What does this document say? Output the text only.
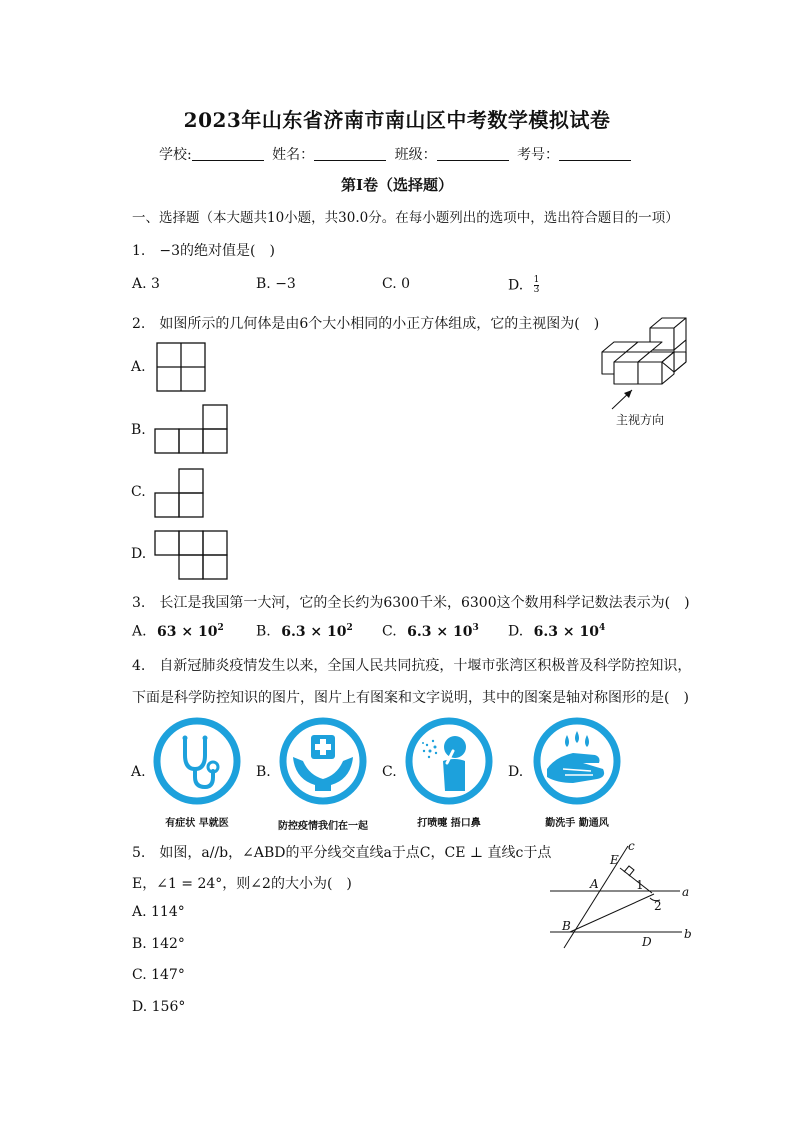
2023年山东省济南市南山区中考数学模拟试卷
学校:	姓名：	班级：	考号：
第I卷（选择题）
一、选择题（本大题共10小题，共30.0分。在每小题列出的选项中，选出符合题目的一项）
1.　−3的绝对值是(　)
A. 3	B. −3	C. 0	D. $\frac{1}{3}$
2.　如图所示的几何体是由6个大小相同的小正方体组成，它的主视图为(　)
A.
B.
C.
D.
主视方向
3.　长江是我国第一大河，它的全长约为6300千米，6300这个数用科学记数法表示为(　)
A. $63 \times 10^2$ B. $6.3 \times 10^2$ C. $6.3 \times 10^3$ D. $6.3 \times 10^4$
4.　自新冠肺炎疫情发生以来，全国人民共同抗疫，十堰市张湾区积极普及科学防控知识，
下面是科学防控知识的图片，图片上有图案和文字说明，其中的图案是轴对称图形的是(　)
A.	B.	C.	D.
有症状 早就医	防控疫情我们在一起	打喷嚏 捂口鼻	勤洗手 勤通风
5.　如图，a//b，∠ABD的平分线交直线a于点C，CE ⊥ 直线c于点
E，∠1 = 24°，则∠2的大小为(　)
A. 114°
B. 142°
C. 147°
D. 156°
c
E
A	1
2
a
B
D
b
